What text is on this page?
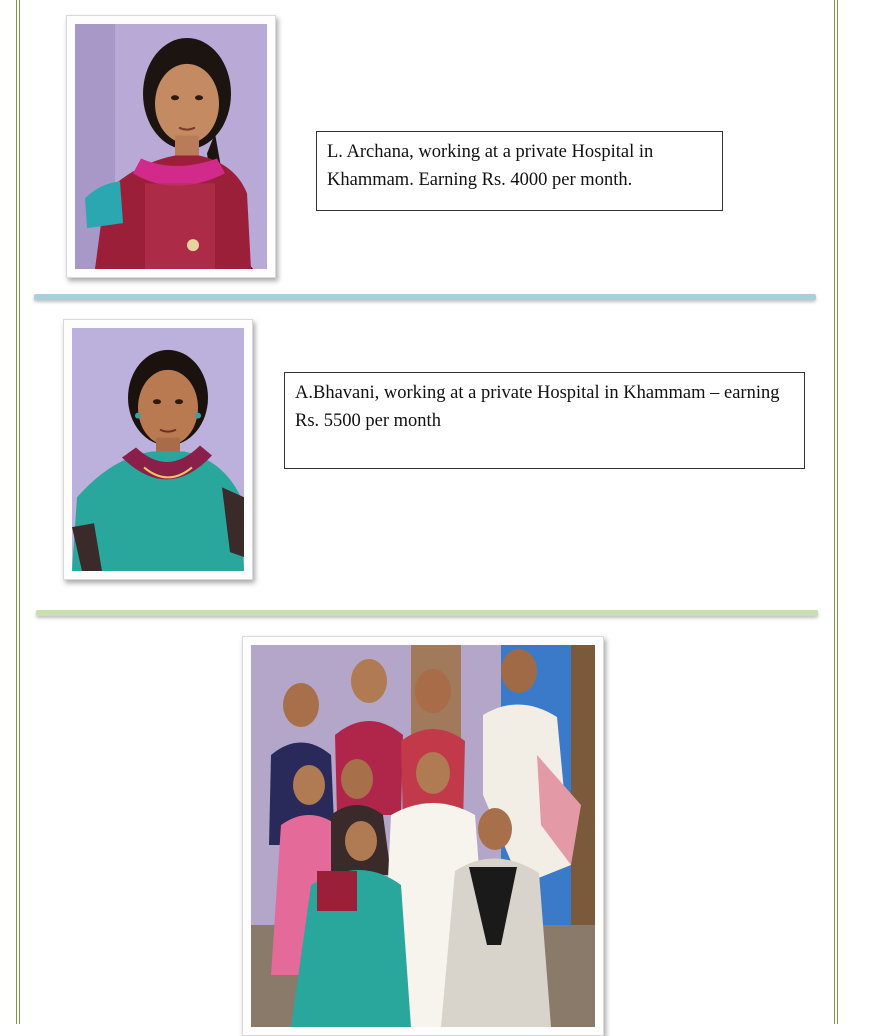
L. Archana, working at a private Hospital in Khammam. Earning Rs. 4000 per month.
A.Bhavani, working at a private Hospital in Khammam – earning Rs. 5500 per month
